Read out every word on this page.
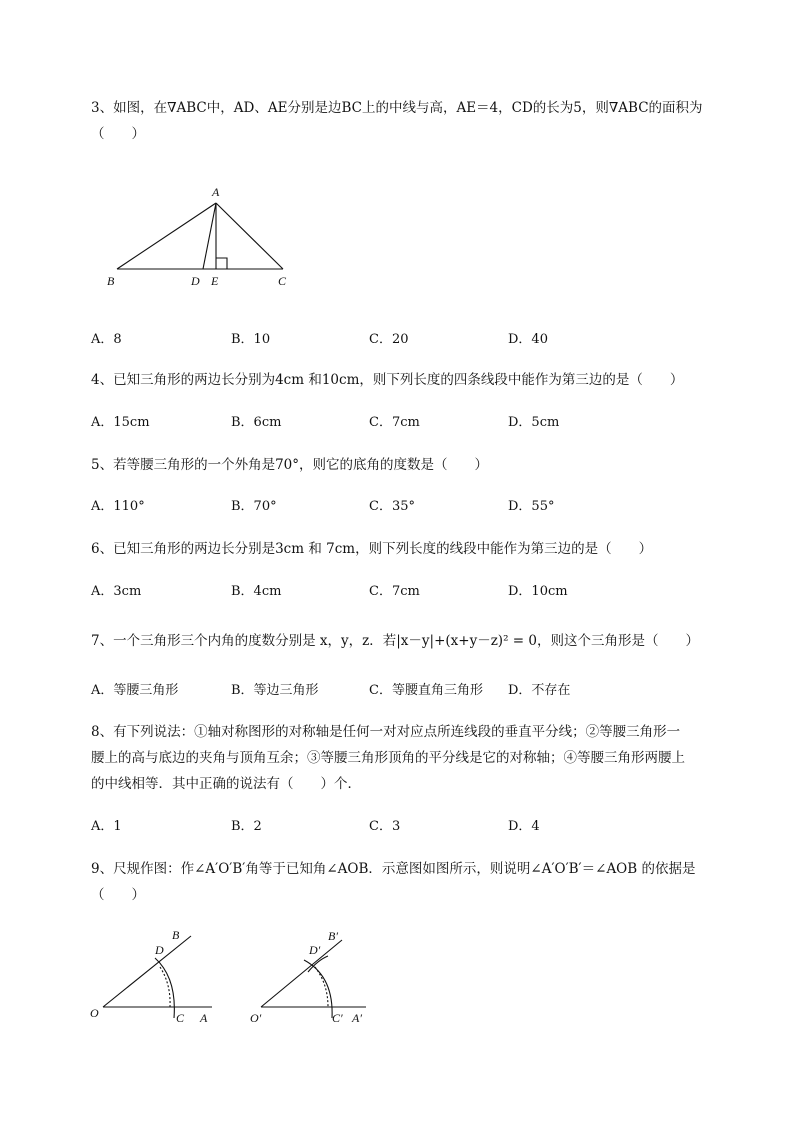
3、如图，在∇ABC中，AD、AE分别是边BC上的中线与高，AE＝4，CD的长为5，则∇ABC的面积为
（　　）
A
B	D E	C
A．8	B．10	C．20	D．40
4、已知三角形的两边长分别为4cm 和10cm，则下列长度的四条线段中能作为第三边的是（　　）
A．15cm	B．6cm	C．7cm	D．5cm
5、若等腰三角形的一个外角是70°，则它的底角的度数是（　　）
A．110°	B．70°	C．35°	D．55°
6、已知三角形的两边长分别是3cm 和 7cm，则下列长度的线段中能作为第三边的是（　　）
A．3cm	B．4cm	C．7cm	D．10cm
7、一个三角形三个内角的度数分别是 x，y，z．若|x－y|+(x+y－z)² = 0，则这个三角形是（　　）
A．等腰三角形	B．等边三角形	C．等腰直角三角形 D．不存在
8、有下列说法：①轴对称图形的对称轴是任何一对对应点所连线段的垂直平分线；②等腰三角形一
腰上的高与底边的夹角与顶角互余；③等腰三角形顶角的平分线是它的对称轴；④等腰三角形两腰上
的中线相等．其中正确的说法有（　　）个．
A．1	B．2	C．3	D．4
9、尺规作图：作∠A′O′B′角等于已知角∠AOB．示意图如图所示，则说明∠A′O′B′＝∠AOB 的依据是
（　　）
O	C A
B
D
O′	C′ A′
B′
D′
